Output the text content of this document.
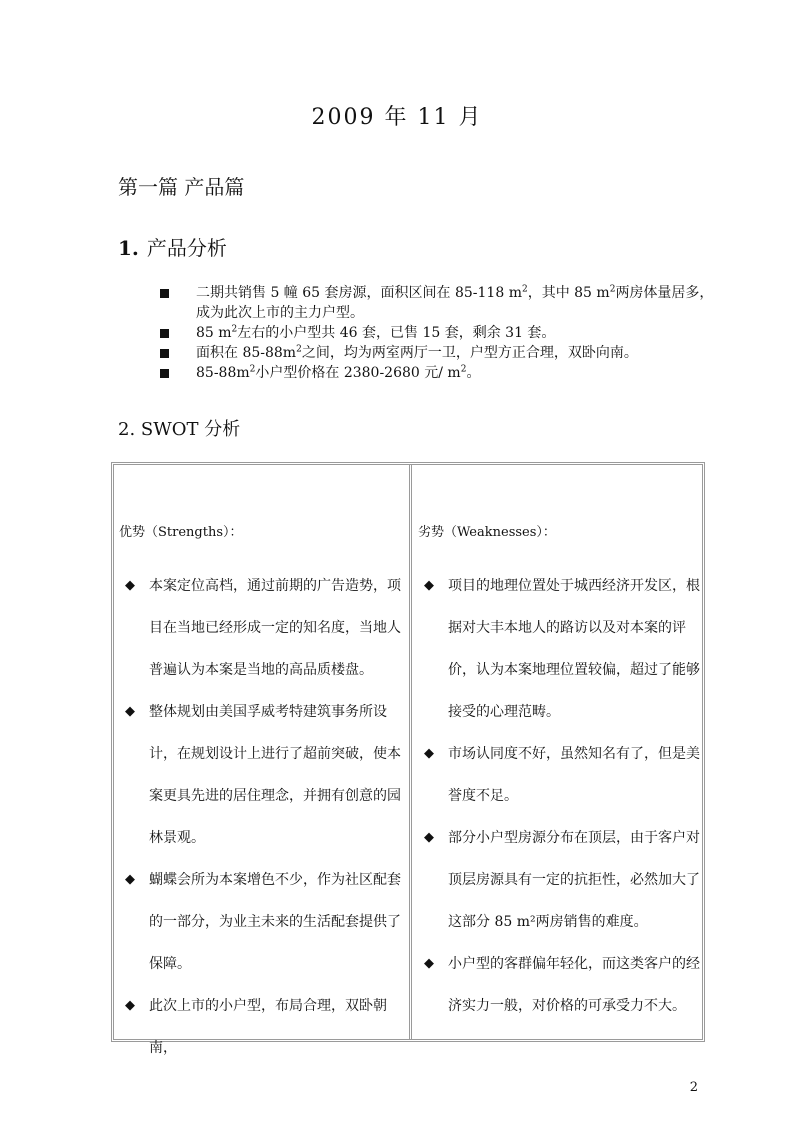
2009 年 11 月
第一篇 产品篇
1. 产品分析
二期共销售 5 幢 65 套房源，面积区间在 85-118 $m^2$，其中 85 $m^2$两房体量居多，成为此次上市的主力户型。
85 $m^2$左右的小户型共 46 套，已售 15 套，剩余 31 套。
面积在 $85-88m^2$之间，均为两室两厅一卫，户型方正合理，双卧向南。
$85-88m^2$小户型价格在 2380-2680 元/ $m^2$。
2. SWOT 分析
优势（Strengths）：
◆ 本案定位高档，通过前期的广告造势，项
目在当地已经形成一定的知名度，当地人
普遍认为本案是当地的高品质楼盘。
◆ 整体规划由美国孚威考特建筑事务所设
计，在规划设计上进行了超前突破，使本
案更具先进的居住理念，并拥有创意的园
林景观。
◆ 蝴蝶会所为本案增色不少，作为社区配套
的一部分，为业主未来的生活配套提供了
保障。
◆ 此次上市的小户型，布局合理，双卧朝南，
劣势（Weaknesses）：
◆ 项目的地理位置处于城西经济开发区，根
据对大丰本地人的路访以及对本案的评
价，认为本案地理位置较偏，超过了能够
接受的心理范畴。
◆ 市场认同度不好，虽然知名有了，但是美
誉度不足。
◆ 部分小户型房源分布在顶层，由于客户对
顶层房源具有一定的抗拒性，必然加大了
这部分 85 m²两房销售的难度。
◆ 小户型的客群偏年轻化，而这类客户的经
济实力一般，对价格的可承受力不大。
2
